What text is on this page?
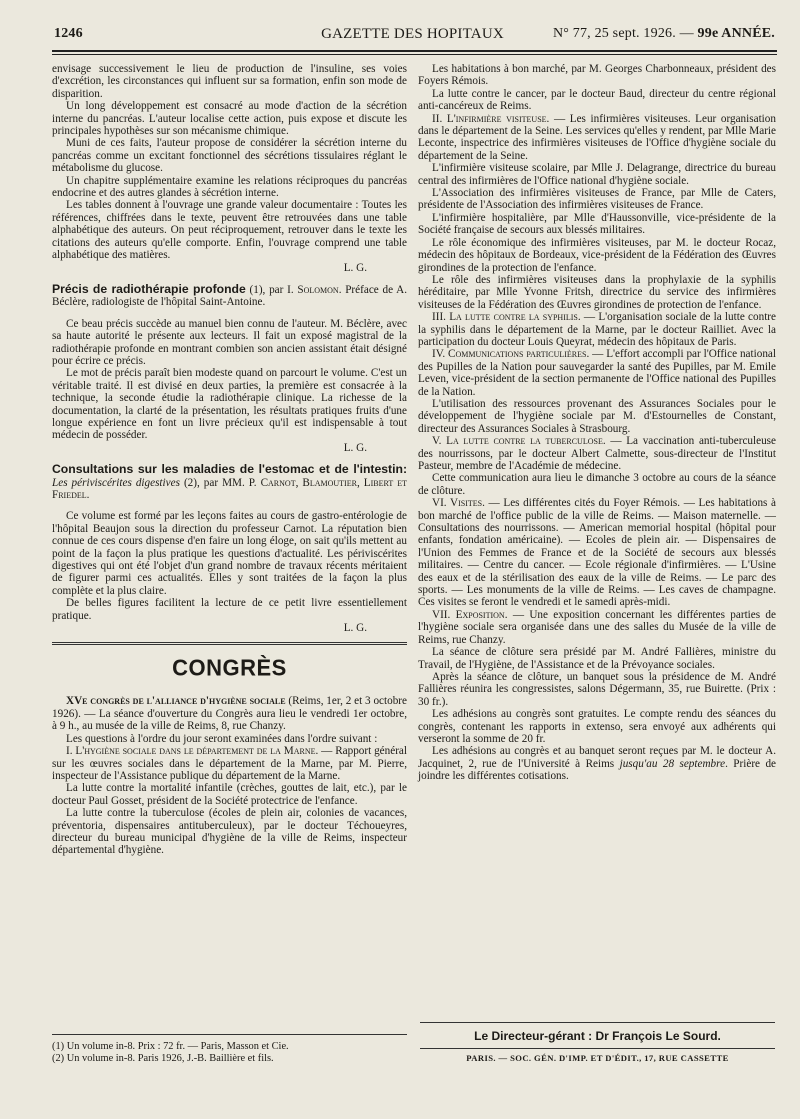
1246	GAZETTE DES HOPITAUX	N° 77, 25 sept. 1926. — 99e ANNÉE.

envisage successivement le lieu de production de l'insuline, ses voies d'excrétion, les circonstances qui influent sur sa formation, enfin son mode de disparition.

Un long développement est consacré au mode d'action de la sécrétion interne du pancréas. L'auteur localise cette action, puis expose et discute les principales hypothèses sur son mécanisme chimique.

Muni de ces faits, l'auteur propose de considérer la sécrétion interne du pancréas comme un excitant fonctionnel des sécrétions tissulaires réglant le métabolisme du glucose.

Un chapitre supplémentaire examine les relations réciproques du pancréas endocrine et des autres glandes à sécrétion interne.

Les tables donnent à l'ouvrage une grande valeur documentaire : Toutes les références, chiffrées dans le texte, peuvent être retrouvées dans une table alphabétique des auteurs. On peut réciproquement, retrouver dans le texte les citations des auteurs qu'elle comporte. Enfin, l'ouvrage comprend une table alphabétique des matières.

L. G.

Précis de radiothérapie profonde (1), par I. Solomon. Préface de A. Béclère, radiologiste de l'hôpital Saint-Antoine.

Ce beau précis succède au manuel bien connu de l'auteur. M. Béclère, avec sa haute autorité le présente aux lecteurs. Il fait un exposé magistral de la radiothérapie profonde en montrant combien son ancien assistant était désigné pour écrire ce précis.

Le mot de précis paraît bien modeste quand on parcourt le volume. C'est un véritable traité. Il est divisé en deux parties, la première est consacrée à la technique, la seconde étudie la radiothérapie clinique. La richesse de la documentation, la clarté de la présentation, les résultats pratiques fruits d'une longue expérience en font un livre précieux qu'il est indispensable à tout médecin de posséder.

L. G.

Consultations sur les maladies de l'estomac et de l'intestin: Les périviscérites digestives (2), par MM. P. Carnot, Blamoutier, Libert et Friedel.

Ce volume est formé par les leçons faites au cours de gastro-entérologie de l'hôpital Beaujon sous la direction du professeur Carnot. La réputation bien connue de ces cours dispense d'en faire un long éloge, on sait qu'ils mettent au point de la façon la plus pratique les questions d'actualité. Les périviscérites digestives qui ont été l'objet d'un grand nombre de travaux récents méritaient de figurer parmi ces actualités. Elles y sont traitées de la façon la plus complète et la plus claire.

De belles figures facilitent la lecture de ce petit livre essentiellement pratique.

L. G.
CONGRÈS

XVe congrès de l'alliance d'hygiène sociale (Reims, 1er, 2 et 3 octobre 1926). — La séance d'ouverture du Congrès aura lieu le vendredi 1er octobre, à 9 h., au musée de la ville de Reims, 8, rue Chanzy.

Les questions à l'ordre du jour seront examinées dans l'ordre suivant :

I. L'hygiène sociale dans le département de la Marne. — Rapport général sur les œuvres sociales dans le département de la Marne, par M. Pierre, inspecteur de l'Assistance publique du département de la Marne.

La lutte contre la mortalité infantile (crèches, gouttes de lait, etc.), par le docteur Paul Gosset, président de la Société protectrice de l'enfance.

La lutte contre la tuberculose (écoles de plein air, colonies de vacances, préventoria, dispensaires antituberculeux), par le docteur Téchoueyres, directeur du bureau municipal d'hygiène de la ville de Reims, inspecteur départemental d'hygiène.

(1) Un volume in-8. Prix : 72 fr. — Paris, Masson et Cie.
(2) Un volume in-8. Paris 1926, J.-B. Baillière et fils.

Les habitations à bon marché, par M. Georges Charbonneaux, président des Foyers Rémois.

La lutte contre le cancer, par le docteur Baud, directeur du centre régional anti-cancéreux de Reims.

II. L'infirmière visiteuse. — Les infirmières visiteuses. Leur organisation dans le département de la Seine. Les services qu'elles y rendent, par Mlle Marie Leconte, inspectrice des infirmières visiteuses de l'Office d'hygiène sociale du département de la Seine.

L'infirmière visiteuse scolaire, par Mlle J. Delagrange, directrice du bureau central des infirmières de l'Office national d'hygiène sociale.

L'Association des infirmières visiteuses de France, par Mlle de Caters, présidente de l'Association des infirmières visiteuses de France.

L'infirmière hospitalière, par Mlle d'Haussonville, vice-présidente de la Société française de secours aux blessés militaires.

Le rôle économique des infirmières visiteuses, par M. le docteur Rocaz, médecin des hôpitaux de Bordeaux, vice-président de la Fédération des Œuvres girondines de la protection de l'enfance.

Le rôle des infirmières visiteuses dans la prophylaxie de la syphilis héréditaire, par Mlle Yvonne Fritsh, directrice du service des infirmières visiteuses de la Fédération des Œuvres girondines de protection de l'enfance.

III. La lutte contre la syphilis. — L'organisation sociale de la lutte contre la syphilis dans le département de la Marne, par le docteur Railliet. Avec la participation du docteur Louis Queyrat, médecin des hôpitaux de Paris.

IV. Communications particulières. — L'effort accompli par l'Office national des Pupilles de la Nation pour sauvegarder la santé des Pupilles, par M. Emile Leven, vice-président de la section permanente de l'Office national des Pupilles de la Nation.

L'utilisation des ressources provenant des Assurances Sociales pour le développement de l'hygiène sociale par M. d'Estournelles de Constant, directeur des Assurances Sociales à Strasbourg.

V. La lutte contre la tuberculose. — La vaccination anti-tuberculeuse des nourrissons, par le docteur Albert Calmette, sous-directeur de l'Institut Pasteur, membre de l'Académie de médecine.

Cette communication aura lieu le dimanche 3 octobre au cours de la séance de clôture.

VI. Visites. — Les différentes cités du Foyer Rémois. — Les habitations à bon marché de l'office public de la ville de Reims. — Maison maternelle. — Consultations des nourrissons. — American memorial hospital (hôpital pour enfants, fondation américaine). — Ecoles de plein air. — Dispensaires de l'Union des Femmes de France et de la Société de secours aux blessés militaires. — Centre du cancer. — Ecole régionale d'infirmières. — L'Usine des eaux et de la stérilisation des eaux de la ville de Reims. — Le parc des sports. — Les monuments de la ville de Reims. — Les caves de champagne. Ces visites se feront le vendredi et le samedi après-midi.

VII. Exposition. — Une exposition concernant les différentes parties de l'hygiène sociale sera organisée dans une des salles du Musée de la ville de Reims, rue Chanzy.

La séance de clôture sera présidé par M. André Fallières, ministre du Travail, de l'Hygiène, de l'Assistance et de la Prévoyance sociales.

Après la séance de clôture, un banquet sous la présidence de M. André Fallières réunira les congressistes, salons Dégermann, 35, rue Buirette. (Prix : 30 fr.).

Les adhésions au congrès sont gratuites. Le compte rendu des séances du congrès, contenant les rapports in extenso, sera envoyé aux adhérents qui verseront la somme de 20 fr.

Les adhésions au congrès et au banquet seront reçues par M. le docteur A. Jacquinet, 2, rue de l'Université à Reims jusqu'au 28 septembre. Prière de joindre les différentes cotisations.

Le Directeur-gérant : Dr François Le Sourd.
PARIS. — SOC. GÉN. D'IMP. ET D'ÉDIT., 17, RUE CASSETTE
